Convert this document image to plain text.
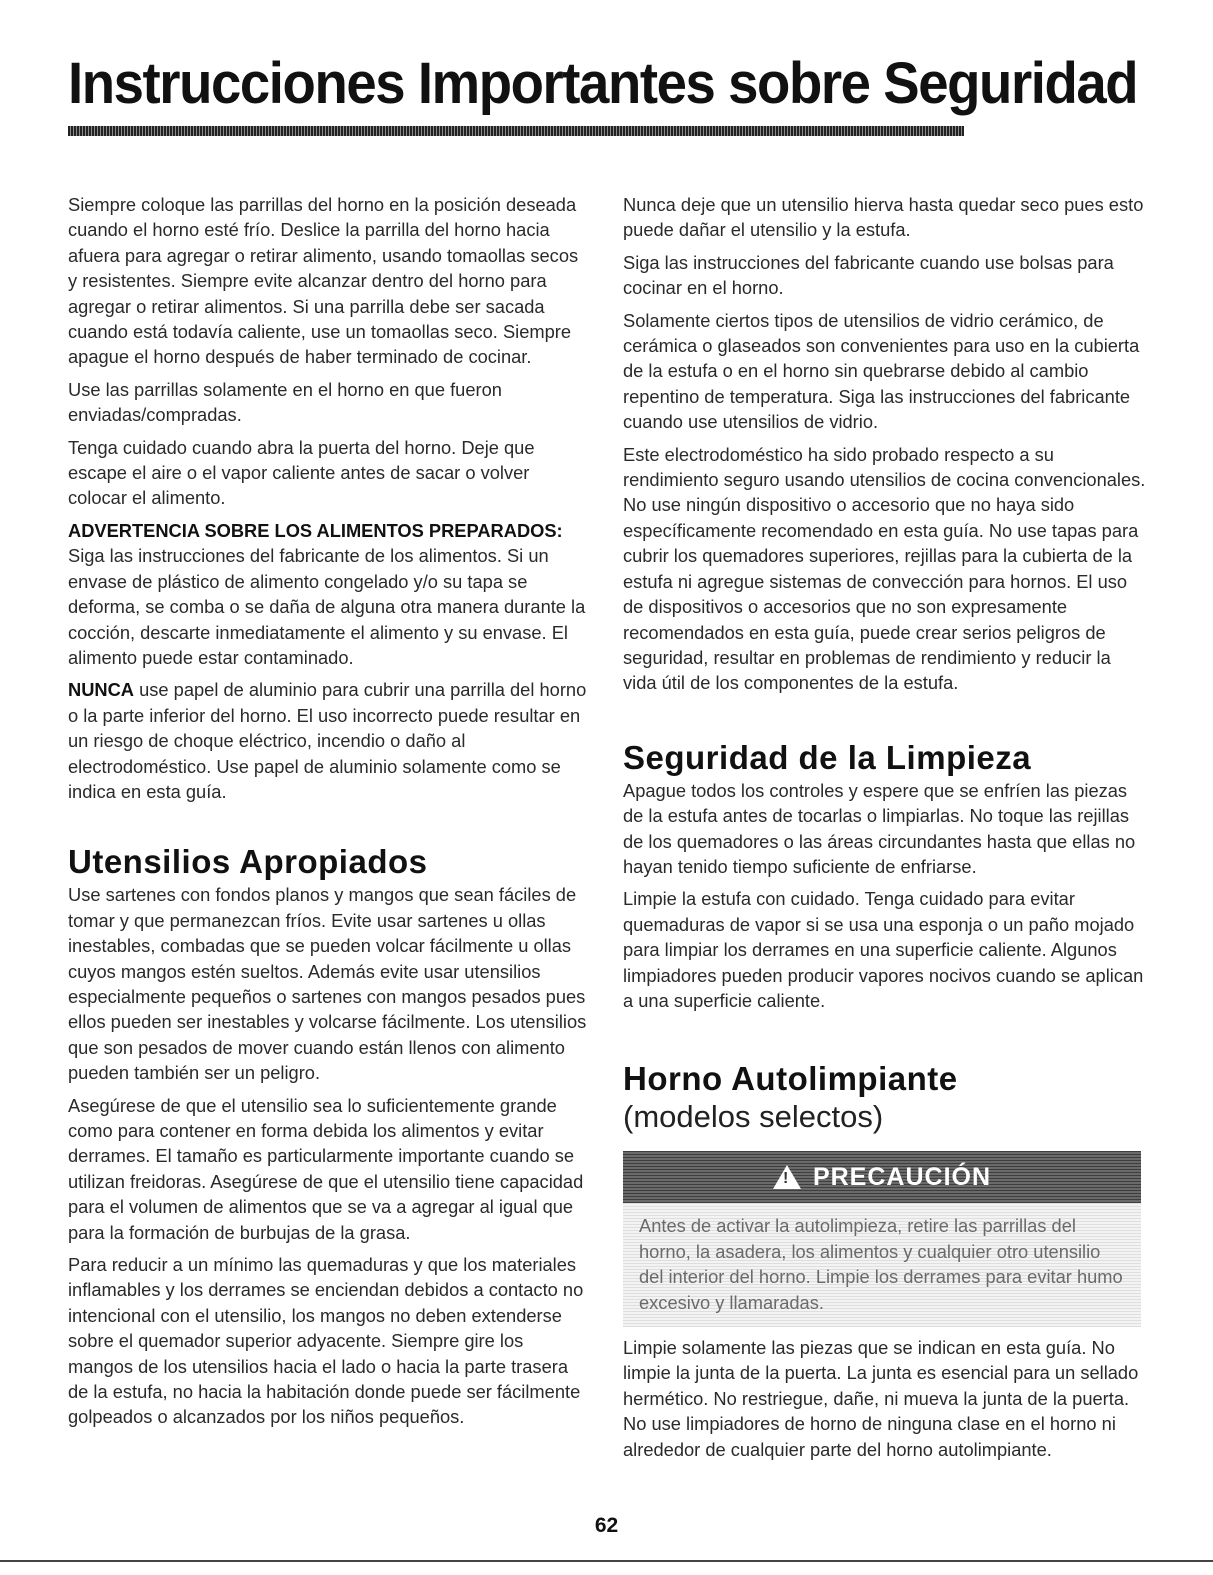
Instrucciones Importantes sobre Seguridad

Siempre coloque las parrillas del horno en la posición deseada cuando el horno esté frío. Deslice la parrilla del horno hacia afuera para agregar o retirar alimento, usando tomaollas secos y resistentes. Siempre evite alcanzar dentro del horno para agregar o retirar alimentos. Si una parrilla debe ser sacada cuando está todavía caliente, use un tomaollas seco. Siempre apague el horno después de haber terminado de cocinar.

Use las parrillas solamente en el horno en que fueron enviadas/compradas.

Tenga cuidado cuando abra la puerta del horno. Deje que escape el aire o el vapor caliente antes de sacar o volver colocar el alimento.

ADVERTENCIA SOBRE LOS ALIMENTOS PREPARADOS:

Siga las instrucciones del fabricante de los alimentos. Si un envase de plástico de alimento congelado y/o su tapa se deforma, se comba o se daña de alguna otra manera durante la cocción, descarte inmediatamente el alimento y su envase. El alimento puede estar contaminado.

NUNCA use papel de aluminio para cubrir una parrilla del horno o la parte inferior del horno. El uso incorrecto puede resultar en un riesgo de choque eléctrico, incendio o daño al electrodoméstico. Use papel de aluminio solamente como se indica en esta guía.

Utensilios Apropiados

Use sartenes con fondos planos y mangos que sean fáciles de tomar y que permanezcan fríos. Evite usar sartenes u ollas inestables, combadas que se pueden volcar fácilmente u ollas cuyos mangos estén sueltos. Además evite usar utensilios especialmente pequeños o sartenes con mangos pesados pues ellos pueden ser inestables y volcarse fácilmente. Los utensilios que son pesados de mover cuando están llenos con alimento pueden también ser un peligro.

Asegúrese de que el utensilio sea lo suficientemente grande como para contener en forma debida los alimentos y evitar derrames. El tamaño es particularmente importante cuando se utilizan freidoras. Asegúrese de que el utensilio tiene capacidad para el volumen de alimentos que se va a agregar al igual que para la formación de burbujas de la grasa.

Para reducir a un mínimo las quemaduras y que los materiales inflamables y los derrames se enciendan debidos a contacto no intencional con el utensilio, los mangos no deben extenderse sobre el quemador superior adyacente. Siempre gire los mangos de los utensilios hacia el lado o hacia la parte trasera de la estufa, no hacia la habitación donde puede ser fácilmente golpeados o alcanzados por los niños pequeños.

Nunca deje que un utensilio hierva hasta quedar seco pues esto puede dañar el utensilio y la estufa.

Siga las instrucciones del fabricante cuando use bolsas para cocinar en el horno.

Solamente ciertos tipos de utensilios de vidrio cerámico, de cerámica o glaseados son convenientes para uso en la cubierta de la estufa o en el horno sin quebrarse debido al cambio repentino de temperatura. Siga las instrucciones del fabricante cuando use utensilios de vidrio.

Este electrodoméstico ha sido probado respecto a su rendimiento seguro usando utensilios de cocina convencionales. No use ningún dispositivo o accesorio que no haya sido específicamente recomendado en esta guía. No use tapas para cubrir los quemadores superiores, rejillas para la cubierta de la estufa ni agregue sistemas de convección para hornos. El uso de dispositivos o accesorios que no son expresamente recomendados en esta guía, puede crear serios peligros de seguridad, resultar en problemas de rendimiento y reducir la vida útil de los componentes de la estufa.

Seguridad de la Limpieza

Apague todos los controles y espere que se enfríen las piezas de la estufa antes de tocarlas o limpiarlas. No toque las rejillas de los quemadores o las áreas circundantes hasta que ellas no hayan tenido tiempo suficiente de enfriarse.

Limpie la estufa con cuidado. Tenga cuidado para evitar quemaduras de vapor si se usa una esponja o un paño mojado para limpiar los derrames en una superficie caliente. Algunos limpiadores pueden producir vapores nocivos cuando se aplican a una superficie caliente.

Horno Autolimpiante
(modelos selectos)
! PRECAUCIÓN
Antes de activar la autolimpieza, retire las parrillas del horno, la asadera, los alimentos y cualquier otro utensilio del interior del horno. Limpie los derrames para evitar humo excesivo y llamaradas.

Limpie solamente las piezas que se indican en esta guía. No limpie la junta de la puerta. La junta es esencial para un sellado hermético. No restriegue, dañe, ni mueva la junta de la puerta. No use limpiadores de horno de ninguna clase en el horno ni alrededor de cualquier parte del horno autolimpiante.

62
